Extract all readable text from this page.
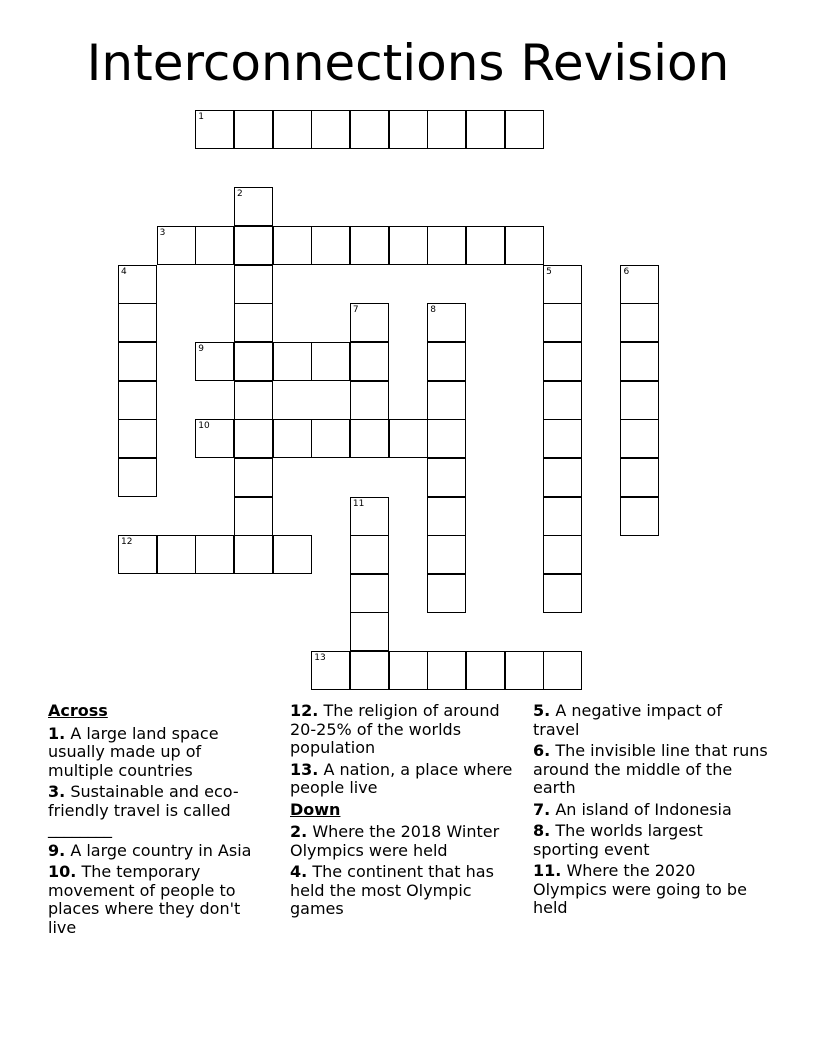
Interconnections Revision
1
2
3
4	5	6
7	8
9
10
11
12
13
Across
1. A large land space usually made up of multiple countries
3. Sustainable and eco-friendly travel is called ________
9. A large country in Asia
10. The temporary movement of people to places where they don't live
12. The religion of around 20-25% of the worlds population
13. A nation, a place where people live
Down
2. Where the 2018 Winter Olympics were held
4. The continent that has held the most Olympic games
5. A negative impact of travel
6. The invisible line that runs around the middle of the earth
7. An island of Indonesia
8. The worlds largest sporting event
11. Where the 2020 Olympics were going to be held
